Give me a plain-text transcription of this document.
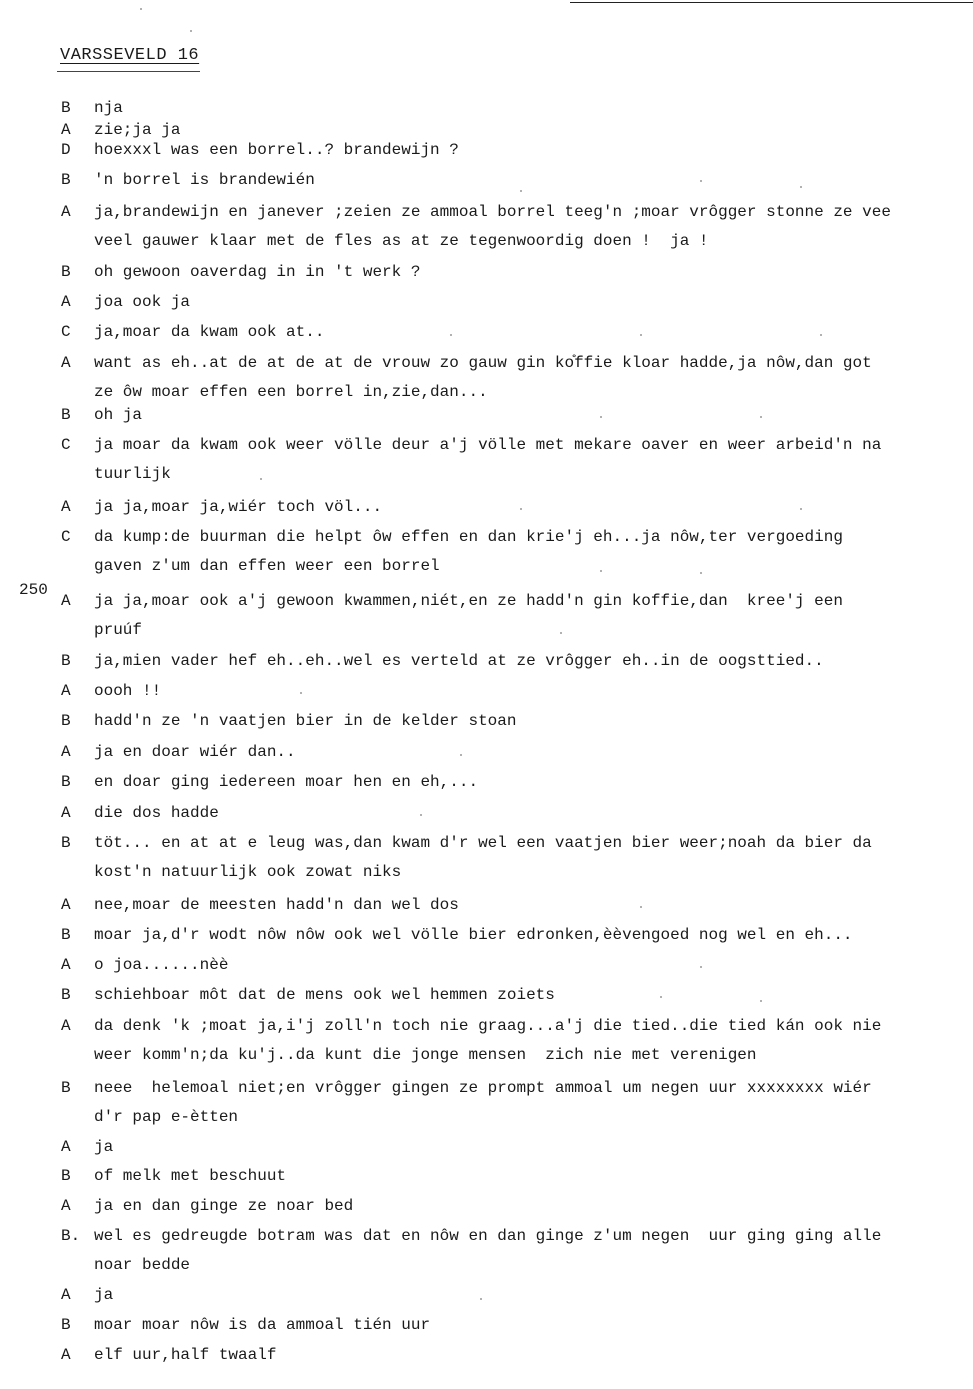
VARSSEVELD 16
250
B nja
A zie;ja ja
D hoexxxl was een borrel..? brandewijn ?
B 'n borrel is brandewién
A ja,brandewijn en janever ;zeien ze ammoal borrel teeg'n ;moar vrôgger stonne ze vee
veel gauwer klaar met de fles as at ze tegenwoordig doen !  ja !
B oh gewoon oaverdag in in 't werk ?
A joa ook ja
C ja,moar da kwam ook at..
A want as eh..at de at de at de vrouw zo gauw gin ko̊ffie kloar hadde,ja nôw,dan got
ze ôw moar effen een borrel in,zie,dan...
B oh ja
C ja moar da kwam ook weer völle deur a'j völle met mekare oaver en weer arbeid'n na
tuurlijk
A ja ja,moar ja,wiér toch völ...
C da kump:de buurman die helpt ôw effen en dan krie'j eh...ja nôw,ter vergoeding
gaven z'um dan effen weer een borrel
A ja ja,moar ook a'j gewoon kwammen,niét,en ze hadd'n gin koffie,dan  kree'j een
pruúf
B ja,mien vader hef eh..eh..wel es verteld at ze vrôgger eh..in de oogsttied..
A oooh !!
B hadd'n ze 'n vaatjen bier in de kelder stoan
A ja en doar wiér dan..
B en doar ging iedereen moar hen en eh,...
A die dos hadde
B töt... en at at e leug was,dan kwam d'r wel een vaatjen bier weer;noah da bier da
kost'n natuurlijk ook zowat niks
A nee,moar de meesten hadd'n dan wel dos
B moar ja,d'r wodt nôw nôw ook wel völle bier edronken,èèvengoed nog wel en eh...
A o joa......nèè
B schiehboar môt dat de mens ook wel hemmen zoiets
A da denk 'k ;moat ja,i'j zoll'n toch nie graag...a'j die tied..die tied kán ook nie
weer komm'n;da ku'j..da kunt die jonge mensen  zich nie met verenigen
B neee  helemoal niet;en vrôgger gingen ze prompt ammoal um negen uur xxxxxxxx wiér
d'r pap e-ètten
A ja
B of melk met beschuut
A ja en dan ginge ze noar bed
B. wel es gedreugde botram was dat en nôw en dan ginge z'um negen  uur ging ging alle
noar bedde
A ja
B moar moar nôw is da ammoal tién uur
A elf uur,half twaalf
